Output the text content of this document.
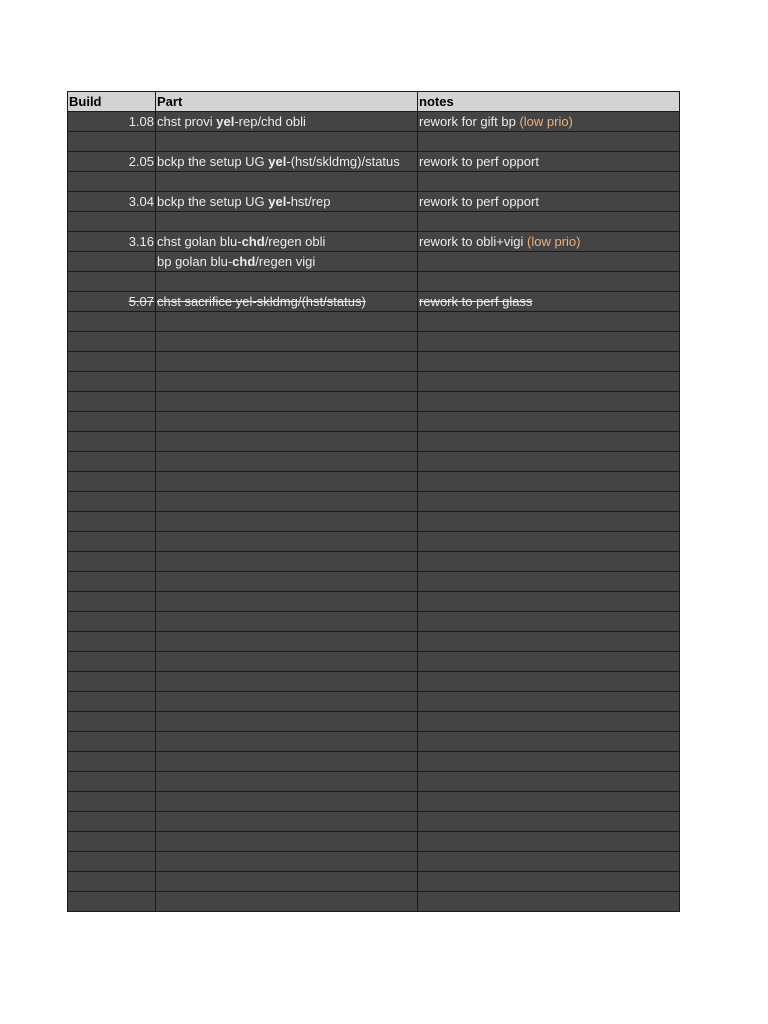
Build	Part	notes
1.08	chst provi yel-rep/chd obli	rework for gift bp (low prio)

2.05	bckp the setup UG yel-(hst/skldmg)/status	rework to perf opport

3.04	bckp the setup UG yel-hst/rep	rework to perf opport

3.16	chst golan blu-chd/regen obli	rework to obli+vigi (low prio)
	bp golan blu-chd/regen vigi	

5.07	chst sacrifice yel-skldmg/(hst/status)	rework to perf glass
